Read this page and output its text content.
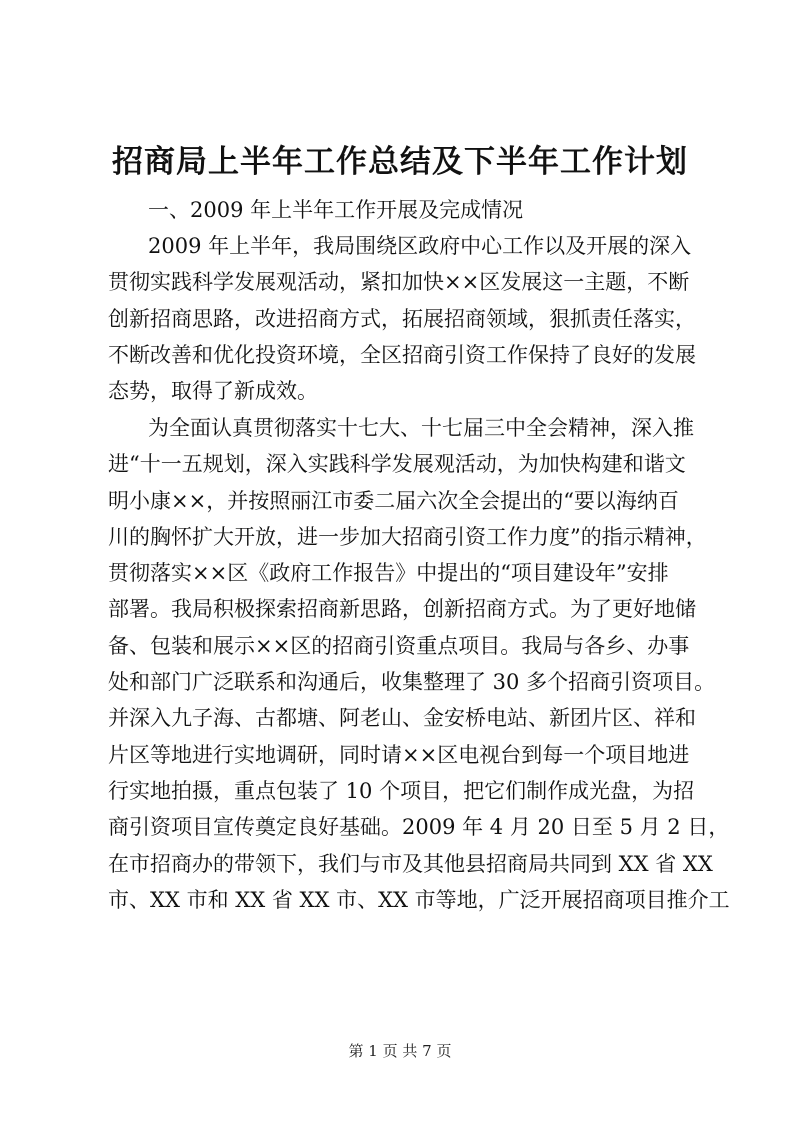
招商局上半年工作总结及下半年工作计划

一、2009 年上半年工作开展及完成情况

2009 年上半年，我局围绕区政府中心工作以及开展的深入
贯彻实践科学发展观活动，紧扣加快××区发展这一主题，不断
创新招商思路，改进招商方式，拓展招商领域，狠抓责任落实，
不断改善和优化投资环境，全区招商引资工作保持了良好的发展
态势，取得了新成效。
为全面认真贯彻落实十七大、十七届三中全会精神，深入推
进“十一五规划，深入实践科学发展观活动，为加快构建和谐文
明小康××，并按照丽江市委二届六次全会提出的“要以海纳百
川的胸怀扩大开放，进一步加大招商引资工作力度”的指示精神，
贯彻落实××区《政府工作报告》中提出的“项目建设年”安排
部署。我局积极探索招商新思路，创新招商方式。为了更好地储
备、包装和展示××区的招商引资重点项目。我局与各乡、办事
处和部门广泛联系和沟通后，收集整理了 30 多个招商引资项目。
并深入九子海、古都塘、阿老山、金安桥电站、新团片区、祥和
片区等地进行实地调研，同时请××区电视台到每一个项目地进
行实地拍摄，重点包装了 10 个项目，把它们制作成光盘，为招
商引资项目宣传奠定良好基础。2009 年 4 月 20 日至 5 月 2 日，
在市招商办的带领下，我们与市及其他县招商局共同到 XX 省 XX
市、XX 市和 XX 省 XX 市、XX 市等地，广泛开展招商项目推介工
第 1 页 共 7 页
